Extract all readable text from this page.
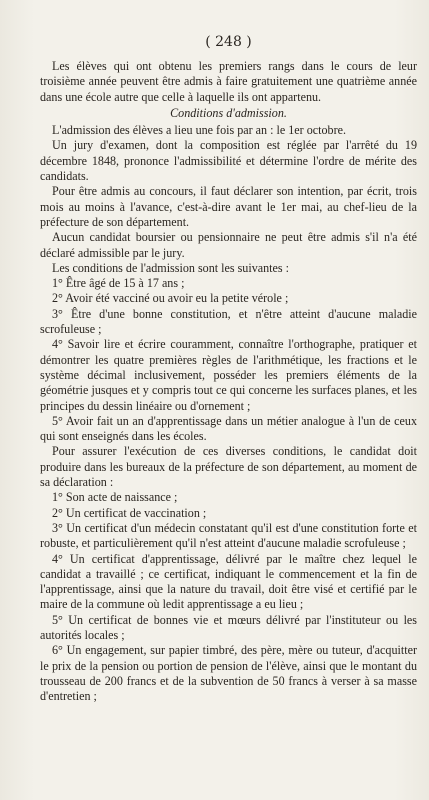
( 248 )

Les élèves qui ont obtenu les premiers rangs dans le cours de leur troisième année peuvent être admis à faire gratuitement une quatrième année dans une école autre que celle à laquelle ils ont appartenu.

Conditions d'admission.

L'admission des élèves a lieu une fois par an : le 1er octobre.

Un jury d'examen, dont la composition est réglée par l'arrêté du 19 décembre 1848, prononce l'admissibilité et détermine l'ordre de mérite des candidats.

Pour être admis au concours, il faut déclarer son intention, par écrit, trois mois au moins à l'avance, c'est-à-dire avant le 1er mai, au chef-lieu de la préfecture de son département.

Aucun candidat boursier ou pensionnaire ne peut être admis s'il n'a été déclaré admissible par le jury.

Les conditions de l'admission sont les suivantes :

1° Être âgé de 15 à 17 ans ;

2° Avoir été vacciné ou avoir eu la petite vérole ;

3° Être d'une bonne constitution, et n'être atteint d'aucune maladie scrofuleuse ;

4° Savoir lire et écrire couramment, connaître l'orthographe, pratiquer et démontrer les quatre premières règles de l'arithmétique, les fractions et le système décimal inclusivement, posséder les premiers éléments de la géométrie jusques et y compris tout ce qui concerne les surfaces planes, et les principes du dessin linéaire ou d'ornement ;

5° Avoir fait un an d'apprentissage dans un métier analogue à l'un de ceux qui sont enseignés dans les écoles.

Pour assurer l'exécution de ces diverses conditions, le candidat doit produire dans les bureaux de la préfecture de son département, au moment de sa déclaration :

1° Son acte de naissance ;

2° Un certificat de vaccination ;

3° Un certificat d'un médecin constatant qu'il est d'une constitution forte et robuste, et particulièrement qu'il n'est atteint d'aucune maladie scrofuleuse ;

4° Un certificat d'apprentissage, délivré par le maître chez lequel le candidat a travaillé ; ce certificat, indiquant le commencement et la fin de l'apprentissage, ainsi que la nature du travail, doit être visé et certifié par le maire de la commune où ledit apprentissage a eu lieu ;

5° Un certificat de bonnes vie et mœurs délivré par l'instituteur ou les autorités locales ;

6° Un engagement, sur papier timbré, des père, mère ou tuteur, d'acquitter le prix de la pension ou portion de pension de l'élève, ainsi que le montant du trousseau de 200 francs et de la subvention de 50 francs à verser à sa masse d'entretien ;
